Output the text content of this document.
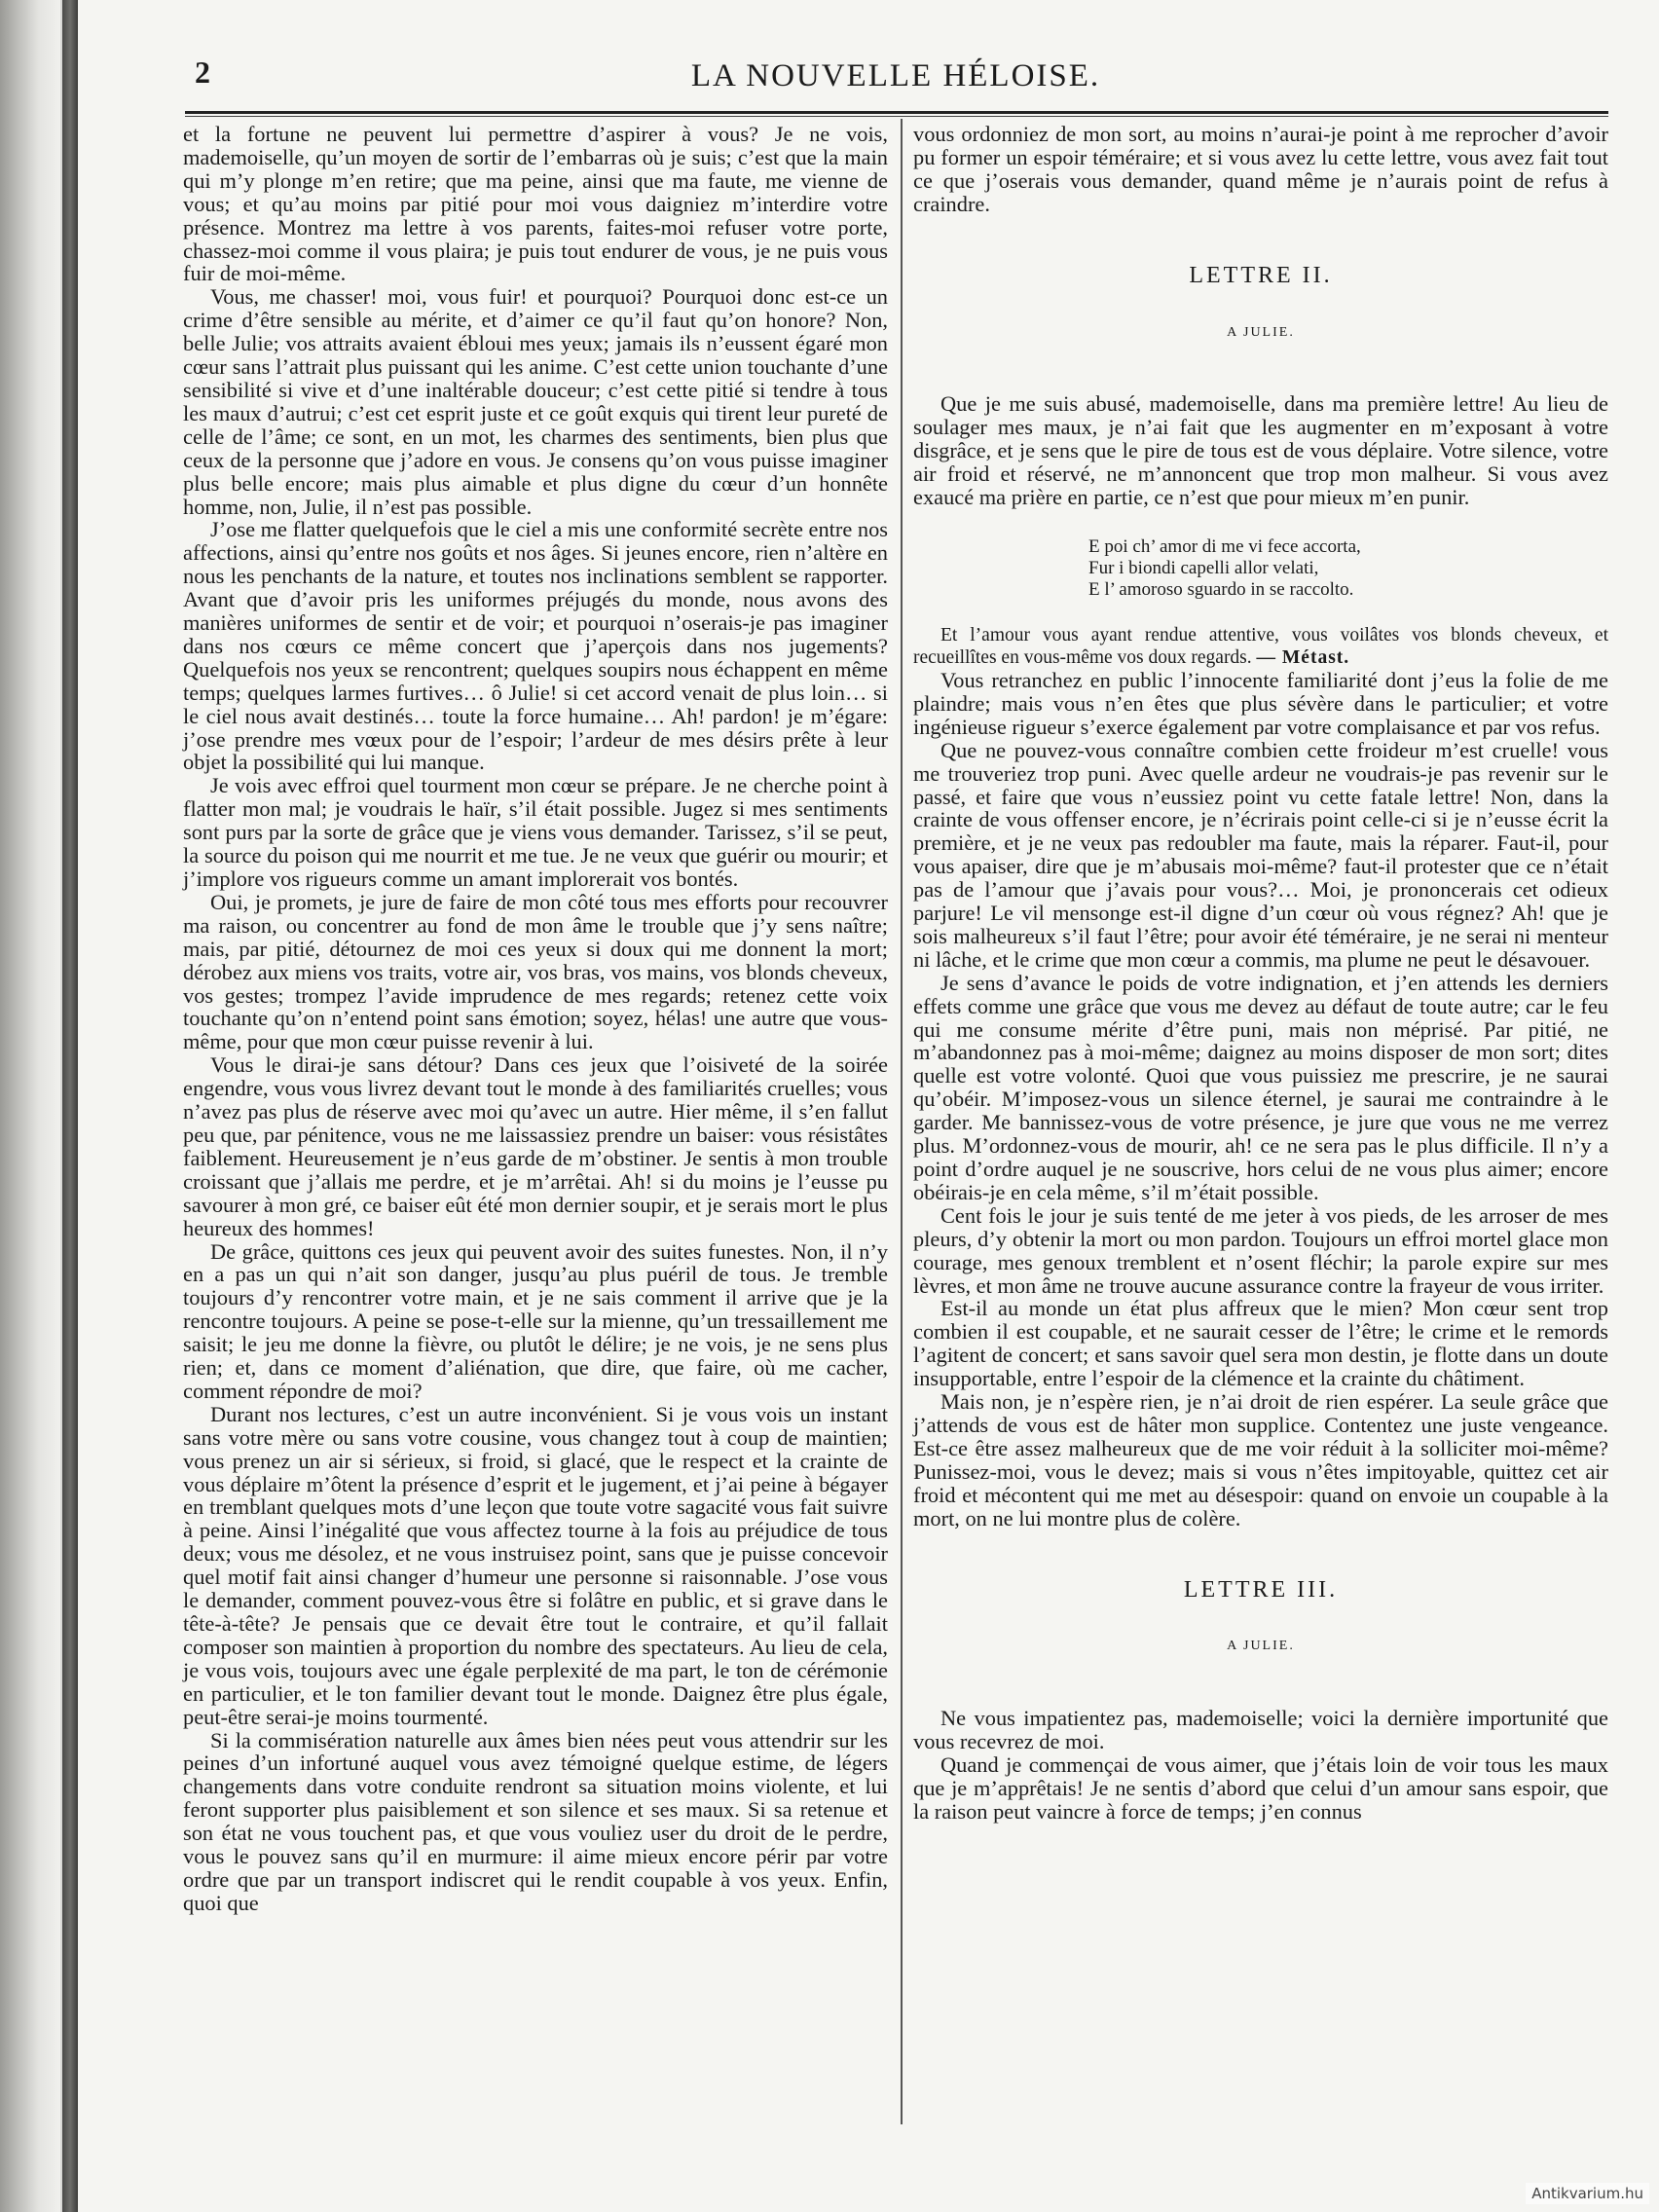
2	LA NOUVELLE HÉLOISE.

et la fortune ne peuvent lui permettre d’aspirer à vous? Je ne vois, mademoiselle, qu’un moyen de sortir de l’embarras où je suis; c’est que la main qui m’y plonge m’en retire; que ma peine, ainsi que ma faute, me vienne de vous; et qu’au moins par pitié pour moi vous daigniez m’interdire votre présence. Montrez ma lettre à vos parents, faites-moi refuser votre porte, chassez-moi comme il vous plaira; je puis tout endurer de vous, je ne puis vous fuir de moi-même.

Vous, me chasser! moi, vous fuir! et pourquoi? Pourquoi donc est-ce un crime d’être sensible au mérite, et d’aimer ce qu’il faut qu’on honore? Non, belle Julie; vos attraits avaient ébloui mes yeux; jamais ils n’eussent égaré mon cœur sans l’attrait plus puissant qui les anime. C’est cette union touchante d’une sensibilité si vive et d’une inaltérable douceur; c’est cette pitié si tendre à tous les maux d’autrui; c’est cet esprit juste et ce goût exquis qui tirent leur pureté de celle de l’âme; ce sont, en un mot, les charmes des sentiments, bien plus que ceux de la personne que j’adore en vous. Je consens qu’on vous puisse imaginer plus belle encore; mais plus aimable et plus digne du cœur d’un honnête homme, non, Julie, il n’est pas possible.

J’ose me flatter quelquefois que le ciel a mis une conformité secrète entre nos affections, ainsi qu’entre nos goûts et nos âges. Si jeunes encore, rien n’altère en nous les penchants de la nature, et toutes nos inclinations semblent se rapporter. Avant que d’avoir pris les uniformes préjugés du monde, nous avons des manières uniformes de sentir et de voir; et pourquoi n’oserais-je pas imaginer dans nos cœurs ce même concert que j’aperçois dans nos jugements? Quelquefois nos yeux se rencontrent; quelques soupirs nous échappent en même temps; quelques larmes furtives… ô Julie! si cet accord venait de plus loin… si le ciel nous avait destinés… toute la force humaine… Ah! pardon! je m’égare: j’ose prendre mes vœux pour de l’espoir; l’ardeur de mes désirs prête à leur objet la possibilité qui lui manque.

Je vois avec effroi quel tourment mon cœur se prépare. Je ne cherche point à flatter mon mal; je voudrais le haïr, s’il était possible. Jugez si mes sentiments sont purs par la sorte de grâce que je viens vous demander. Tarissez, s’il se peut, la source du poison qui me nourrit et me tue. Je ne veux que guérir ou mourir; et j’implore vos rigueurs comme un amant implorerait vos bontés.

Oui, je promets, je jure de faire de mon côté tous mes efforts pour recouvrer ma raison, ou concentrer au fond de mon âme le trouble que j’y sens naître; mais, par pitié, détournez de moi ces yeux si doux qui me donnent la mort; dérobez aux miens vos traits, votre air, vos bras, vos mains, vos blonds cheveux, vos gestes; trompez l’avide imprudence de mes regards; retenez cette voix touchante qu’on n’entend point sans émotion; soyez, hélas! une autre que vous-même, pour que mon cœur puisse revenir à lui.

Vous le dirai-je sans détour? Dans ces jeux que l’oisiveté de la soirée engendre, vous vous livrez devant tout le monde à des familiarités cruelles; vous n’avez pas plus de réserve avec moi qu’avec un autre. Hier même, il s’en fallut peu que, par pénitence, vous ne me laissassiez prendre un baiser: vous résistâtes faiblement. Heureusement je n’eus garde de m’obstiner. Je sentis à mon trouble croissant que j’allais me perdre, et je m’arrêtai. Ah! si du moins je l’eusse pu savourer à mon gré, ce baiser eût été mon dernier soupir, et je serais mort le plus heureux des hommes!

De grâce, quittons ces jeux qui peuvent avoir des suites funestes. Non, il n’y en a pas un qui n’ait son danger, jusqu’au plus puéril de tous. Je tremble toujours d’y rencontrer votre main, et je ne sais comment il arrive que je la rencontre toujours. A peine se pose-t-elle sur la mienne, qu’un tressaillement me saisit; le jeu me donne la fièvre, ou plutôt le délire; je ne vois, je ne sens plus rien; et, dans ce moment d’aliénation, que dire, que faire, où me cacher, comment répondre de moi?

Durant nos lectures, c’est un autre inconvénient. Si je vous vois un instant sans votre mère ou sans votre cousine, vous changez tout à coup de maintien; vous prenez un air si sérieux, si froid, si glacé, que le respect et la crainte de vous déplaire m’ôtent la présence d’esprit et le jugement, et j’ai peine à bégayer en tremblant quelques mots d’une leçon que toute votre sagacité vous fait suivre à peine. Ainsi l’inégalité que vous affectez tourne à la fois au préjudice de tous deux; vous me désolez, et ne vous instruisez point, sans que je puisse concevoir quel motif fait ainsi changer d’humeur une personne si raisonnable. J’ose vous le demander, comment pouvez-vous être si folâtre en public, et si grave dans le tête-à-tête? Je pensais que ce devait être tout le contraire, et qu’il fallait composer son maintien à proportion du nombre des spectateurs. Au lieu de cela, je vous vois, toujours avec une égale perplexité de ma part, le ton de cérémonie en particulier, et le ton familier devant tout le monde. Daignez être plus égale, peut-être serai-je moins tourmenté.

Si la commisération naturelle aux âmes bien nées peut vous attendrir sur les peines d’un infortuné auquel vous avez témoigné quelque estime, de légers changements dans votre conduite rendront sa situation moins violente, et lui feront supporter plus paisiblement et son silence et ses maux. Si sa retenue et son état ne vous touchent pas, et que vous vouliez user du droit de le perdre, vous le pouvez sans qu’il en murmure: il aime mieux encore périr par votre ordre que par un transport indiscret qui le rendit coupable à vos yeux. Enfin, quoi que

vous ordonniez de mon sort, au moins n’aurai-je point à me reprocher d’avoir pu former un espoir téméraire; et si vous avez lu cette lettre, vous avez fait tout ce que j’oserais vous demander, quand même je n’aurais point de refus à craindre.

LETTRE II.
A JULIE.

Que je me suis abusé, mademoiselle, dans ma première lettre! Au lieu de soulager mes maux, je n’ai fait que les augmenter en m’exposant à votre disgrâce, et je sens que le pire de tous est de vous déplaire. Votre silence, votre air froid et réservé, ne m’annoncent que trop mon malheur. Si vous avez exaucé ma prière en partie, ce n’est que pour mieux m’en punir.

E poi ch’ amor di me vi fece accorta,
Fur i biondi capelli allor velati,
E l’ amoroso sguardo in se raccolto.

Et l’amour vous ayant rendue attentive, vous voilâtes vos blonds cheveux, et recueillîtes en vous-même vos doux regards. — Métast.

Vous retranchez en public l’innocente familiarité dont j’eus la folie de me plaindre; mais vous n’en êtes que plus sévère dans le particulier; et votre ingénieuse rigueur s’exerce également par votre complaisance et par vos refus.

Que ne pouvez-vous connaître combien cette froideur m’est cruelle! vous me trouveriez trop puni. Avec quelle ardeur ne voudrais-je pas revenir sur le passé, et faire que vous n’eussiez point vu cette fatale lettre! Non, dans la crainte de vous offenser encore, je n’écrirais point celle-ci si je n’eusse écrit la première, et je ne veux pas redoubler ma faute, mais la réparer. Faut-il, pour vous apaiser, dire que je m’abusais moi-même? faut-il protester que ce n’était pas de l’amour que j’avais pour vous?… Moi, je prononcerais cet odieux parjure! Le vil mensonge est-il digne d’un cœur où vous régnez? Ah! que je sois malheureux s’il faut l’être; pour avoir été téméraire, je ne serai ni menteur ni lâche, et le crime que mon cœur a commis, ma plume ne peut le désavouer.

Je sens d’avance le poids de votre indignation, et j’en attends les derniers effets comme une grâce que vous me devez au défaut de toute autre; car le feu qui me consume mérite d’être puni, mais non méprisé. Par pitié, ne m’abandonnez pas à moi-même; daignez au moins disposer de mon sort; dites quelle est votre volonté. Quoi que vous puissiez me prescrire, je ne saurai qu’obéir. M’imposez-vous un silence éternel, je saurai me contraindre à le garder. Me bannissez-vous de votre présence, je jure que vous ne me verrez plus. M’ordonnez-vous de mourir, ah! ce ne sera pas le plus difficile. Il n’y a point d’ordre auquel je ne souscrive, hors celui de ne vous plus aimer; encore obéirais-je en cela même, s’il m’était possible.

Cent fois le jour je suis tenté de me jeter à vos pieds, de les arroser de mes pleurs, d’y obtenir la mort ou mon pardon. Toujours un effroi mortel glace mon courage, mes genoux tremblent et n’osent fléchir; la parole expire sur mes lèvres, et mon âme ne trouve aucune assurance contre la frayeur de vous irriter.

Est-il au monde un état plus affreux que le mien? Mon cœur sent trop combien il est coupable, et ne saurait cesser de l’être; le crime et le remords l’agitent de concert; et sans savoir quel sera mon destin, je flotte dans un doute insupportable, entre l’espoir de la clémence et la crainte du châtiment.

Mais non, je n’espère rien, je n’ai droit de rien espérer. La seule grâce que j’attends de vous est de hâter mon supplice. Contentez une juste vengeance. Est-ce être assez malheureux que de me voir réduit à la solliciter moi-même? Punissez-moi, vous le devez; mais si vous n’êtes impitoyable, quittez cet air froid et mécontent qui me met au désespoir: quand on envoie un coupable à la mort, on ne lui montre plus de colère.

LETTRE III.
A JULIE.

Ne vous impatientez pas, mademoiselle; voici la dernière importunité que vous recevrez de moi.

Quand je commençai de vous aimer, que j’étais loin de voir tous les maux que je m’apprêtais! Je ne sentis d’abord que celui d’un amour sans espoir, que la raison peut vaincre à force de temps; j’en connus

Antikvarium.hu
